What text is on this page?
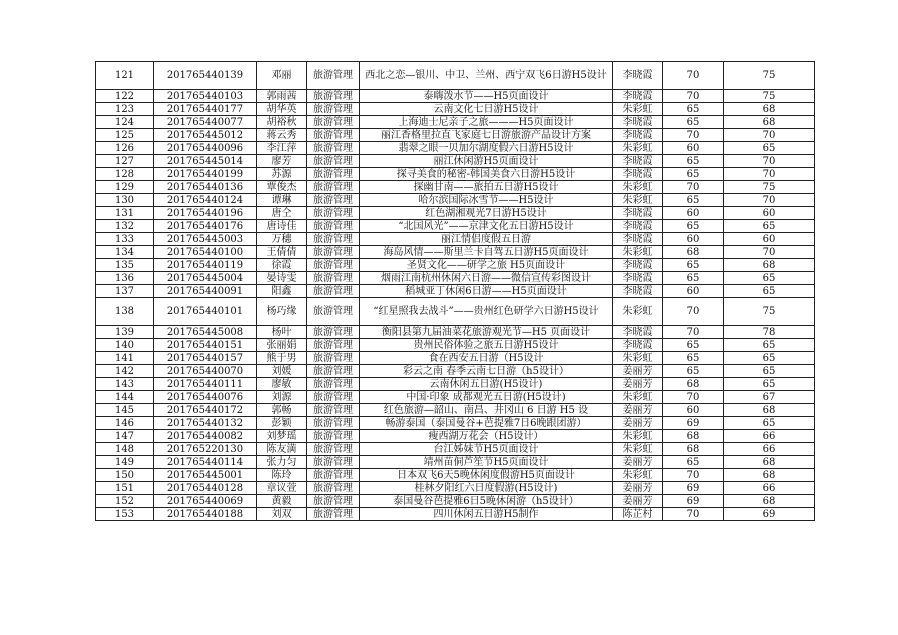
121	201765440139	邓丽	旅游管理	西北之恋—银川、中卫、兰州、西宁双飞6日游H5设计	李晓霞	70	75
122	201765440103	郭雨茜	旅游管理	泰嗨泼水节——H5页面设计	李晓霞	70	75
123	201765440177	胡华英	旅游管理	云南文化七日游H5设计	朱彩虹	65	68
124	201765440077	胡裕秋	旅游管理	上海迪士尼亲子之旅———H5页面设计	李晓霞	65	68
125	201765445012	蒋云秀	旅游管理	丽江香格里拉直飞家庭七日游旅游产品设计方案	李晓霞	70	70
126	201765440096	李江萍	旅游管理	翡翠之眼一贝加尔湖度假六日游H5设计	朱彩虹	60	65
127	201765445014	廖芳	旅游管理	丽江休闲游H5页面设计	李晓霞	65	70
128	201765440199	苏源	旅游管理	探寻美食的秘密-韩国美食六日游H5设计	李晓霞	65	70
129	201765440136	覃俊杰	旅游管理	探幽甘南——旅拍五日游H5设计	朱彩虹	70	75
130	201765440124	谭琳	旅游管理	哈尔滨国际冰雪节——H5设计	朱彩虹	65	70
131	201765440196	唐仝	旅游管理	红色湖湘观光7日游H5设计	李晓霞	60	60
132	201765440176	唐诗佳	旅游管理	“北国风光”——京津文化五日游H5设计	李晓霞	65	65
133	201765445003	万穗	旅游管理	丽江情侣度假五日游	李晓霞	60	60
134	201765440100	王倩倩	旅游管理	海岛风情——斯里兰卡自驾五日游H5页面设计	朱彩虹	68	70
135	201765440119	徐霞	旅游管理	圣贤文化——研学之旅 H5页面设计	李晓霞	65	68
136	201765445004	晏诗雯	旅游管理	烟雨江南杭州休闲六日游——微信宣传彩图设计	李晓霞	65	65
137	201765440091	阳鑫	旅游管理	稻城亚丁休闲6日游——H5页面设计	李晓霞	60	65
138	201765440101	杨巧缘	旅游管理	“红星照我去战斗”——贵州红色研学六日游H5设计	朱彩虹	70	75
139	201765445008	杨叶	旅游管理	衡阳县第九届油菜花旅游观光节—H5 页面设计	李晓霞	70	78
140	201765440151	张丽娟	旅游管理	贵州民俗体验之旅五日游H5设计	李晓霞	65	65
141	201765440157	熊于男	旅游管理	食在西安五日游（H5设计	朱彩虹	65	65
142	201765440070	刘媛	旅游管理	彩云之南 春季云南七日游（h5设计）	姜丽芳	65	65
143	201765440111	廖敏	旅游管理	云南休闲五日游(H5设计)	姜丽芳	68	65
144	201765440076	刘源	旅游管理	中国·印象 成都观光五日游(H5设计)	朱彩虹	70	67
145	201765440172	郭畅	旅游管理	红色旅游—韶山、南昌、井冈山 6 日游 H5 设	姜丽芳	60	68
146	201765440132	彭颖	旅游管理	畅游泰国（泰国曼谷+芭提雅7日6晚跟团游）	姜丽芳	69	65
147	201765440082	刘梦瑶	旅游管理	瘦西湖万花会（H5设计）	朱彩虹	68	66
148	201765220130	陈友満	旅游管理	台江姊妹节H5页面设计	朱彩虹	68	66
149	201765440114	张力匀	旅游管理	靖州苗侗芦笙节H5页面设计	姜丽芳	65	68
150	201765445001	陈玲	旅游管理	日本双飞6天5晚休闲度假游H5页面设计	朱彩虹	70	68
151	201765440128	章议萱	旅游管理	桂林夕阳红六日度假游(H5设计)	姜丽芳	69	66
152	201765440069	黄毅	旅游管理	泰国曼谷芭提雅6日5晚休闲游（h5设计）	姜丽芳	69	68
153	201765440188	刘双	旅游管理	四川休闲五日游H5制作	陈芷村	70	69
